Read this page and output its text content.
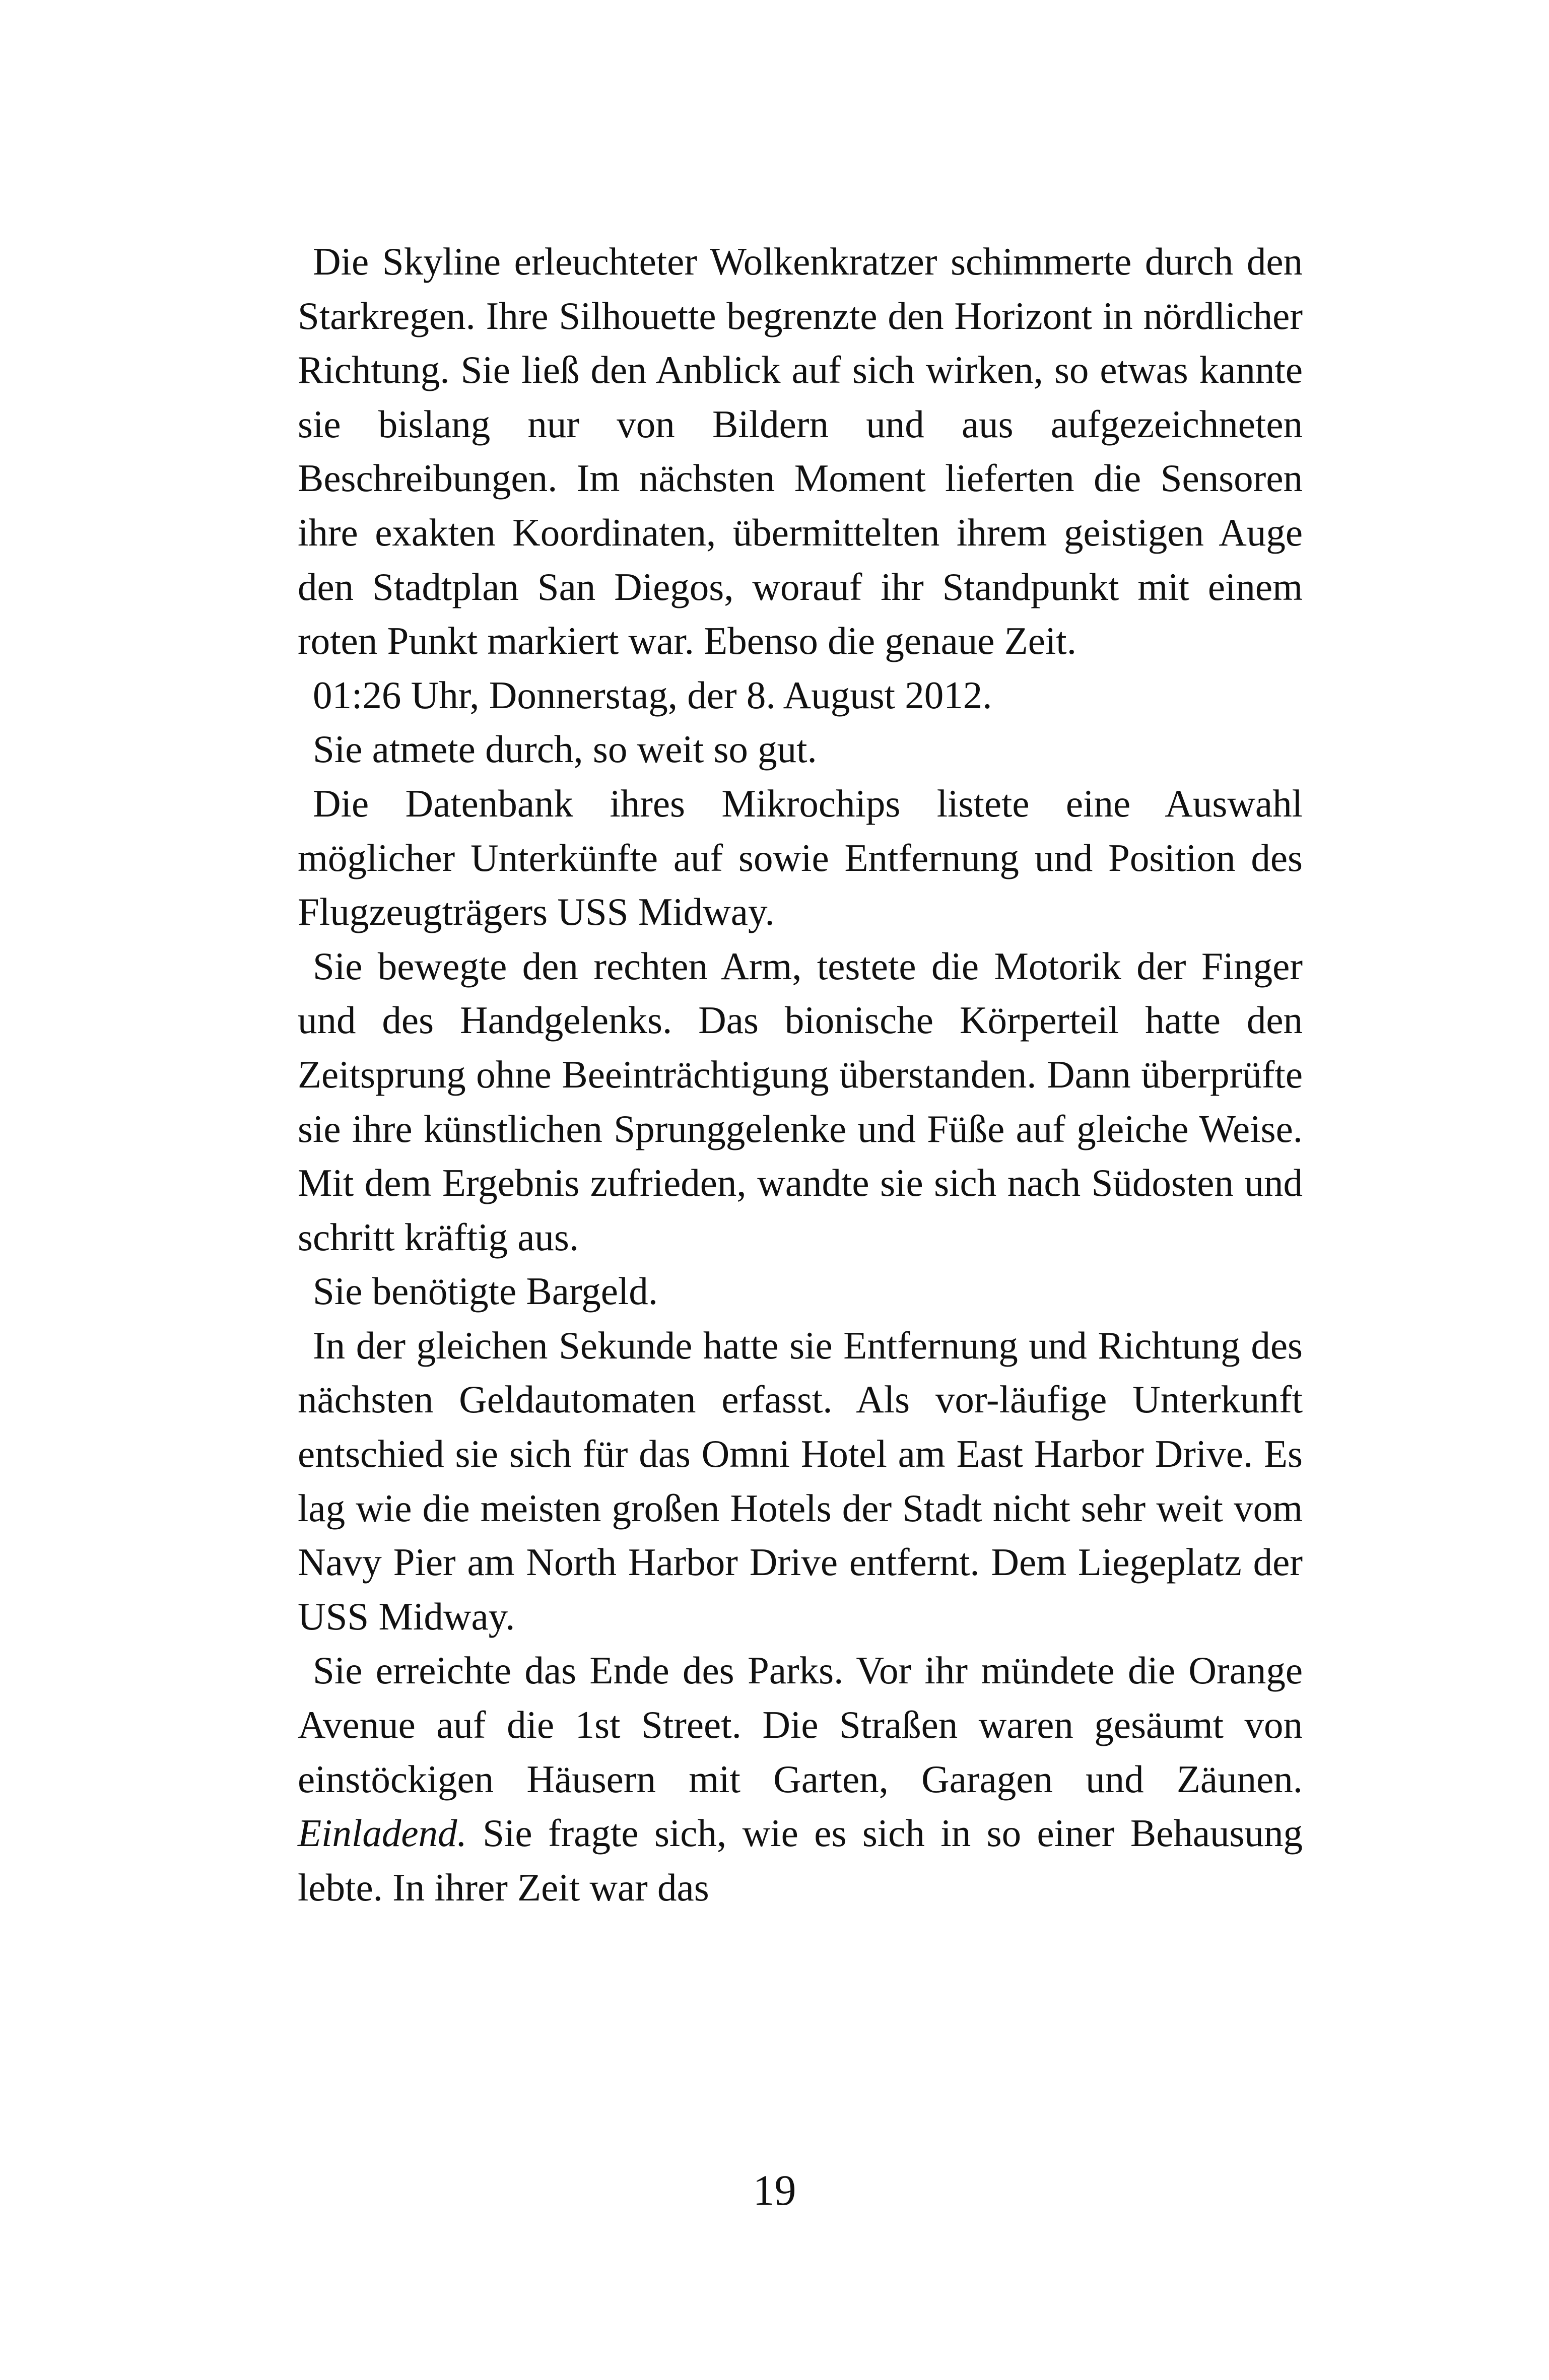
Die Skyline erleuchteter Wolkenkratzer schimmerte durch den Starkregen. Ihre Silhouette begrenzte den Horizont in nördlicher Richtung. Sie ließ den Anblick auf sich wirken, so etwas kannte sie bislang nur von Bildern und aus aufgezeichneten Beschreibungen. Im nächsten Moment lieferten die Sensoren ihre exakten Koordinaten, übermittelten ihrem geistigen Auge den Stadtplan San Diegos, worauf ihr Standpunkt mit einem roten Punkt markiert war. Ebenso die genaue Zeit.

01:26 Uhr, Donnerstag, der 8. August 2012.

Sie atmete durch, so weit so gut.

Die Datenbank ihres Mikrochips listete eine Auswahl möglicher Unterkünfte auf sowie Entfernung und Position des Flugzeugträgers USS Midway.

Sie bewegte den rechten Arm, testete die Motorik der Finger und des Handgelenks. Das bionische Körperteil hatte den Zeitsprung ohne Beeinträchtigung überstanden. Dann überprüfte sie ihre künstlichen Sprunggelenke und Füße auf gleiche Weise. Mit dem Ergebnis zufrieden, wandte sie sich nach Südosten und schritt kräftig aus.

Sie benötigte Bargeld.

In der gleichen Sekunde hatte sie Entfernung und Richtung des nächsten Geldautomaten erfasst. Als vor-läufige Unterkunft entschied sie sich für das Omni Hotel am East Harbor Drive. Es lag wie die meisten großen Hotels der Stadt nicht sehr weit vom Navy Pier am North Harbor Drive entfernt. Dem Liegeplatz der USS Midway.

Sie erreichte das Ende des Parks. Vor ihr mündete die Orange Avenue auf die 1st Street. Die Straßen waren gesäumt von einstöckigen Häusern mit Garten, Garagen und Zäunen. Einladend. Sie fragte sich, wie es sich in so einer Behausung lebte. In ihrer Zeit war das

19
